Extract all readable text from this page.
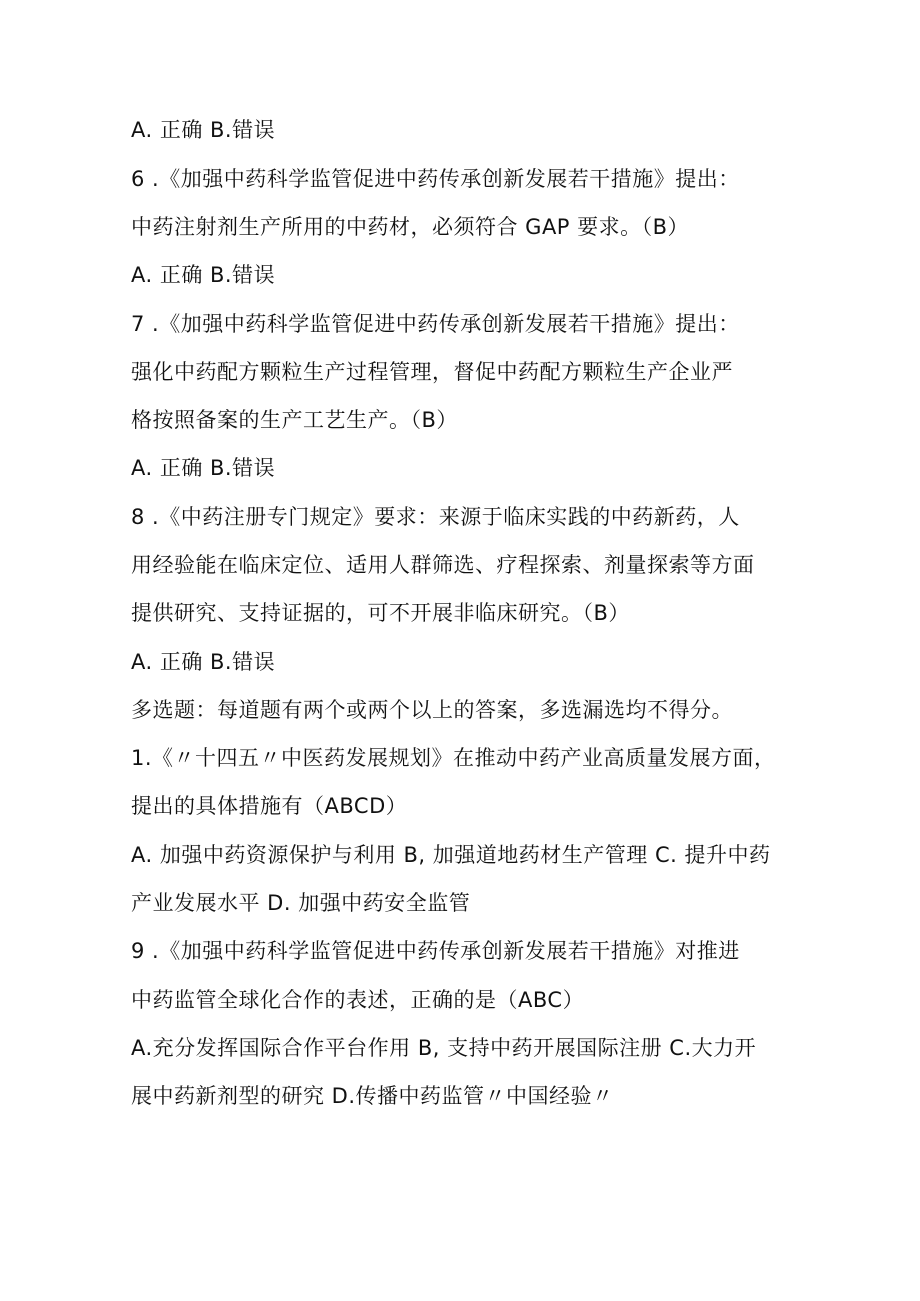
A. 正确 B.错误
6 .《加强中药科学监管促进中药传承创新发展若干措施》提出：
中药注射剂生产所用的中药材，必须符合 GAP 要求。（B）
A. 正确 B.错误
7 .《加强中药科学监管促进中药传承创新发展若干措施》提出：
强化中药配方颗粒生产过程管理，督促中药配方颗粒生产企业严
格按照备案的生产工艺生产。（B）
A. 正确 B.错误
8 .《中药注册专门规定》要求：来源于临床实践的中药新药，人
用经验能在临床定位、适用人群筛选、疗程探索、剂量探索等方面
提供研究、支持证据的，可不开展非临床研究。（B）
A. 正确 B.错误
多选题：每道题有两个或两个以上的答案，多选漏选均不得分。
1.《〃十四五〃中医药发展规划》在推动中药产业高质量发展方面，
提出的具体措施有（ABCD）
A. 加强中药资源保护与利用 B, 加强道地药材生产管理 C. 提升中药
产业发展水平 D. 加强中药安全监管
9 .《加强中药科学监管促进中药传承创新发展若干措施》对推进
中药监管全球化合作的表述，正确的是（ABC）
A.充分发挥国际合作平台作用 B, 支持中药开展国际注册 C.大力开
展中药新剂型的研究 D.传播中药监管〃中国经验〃
